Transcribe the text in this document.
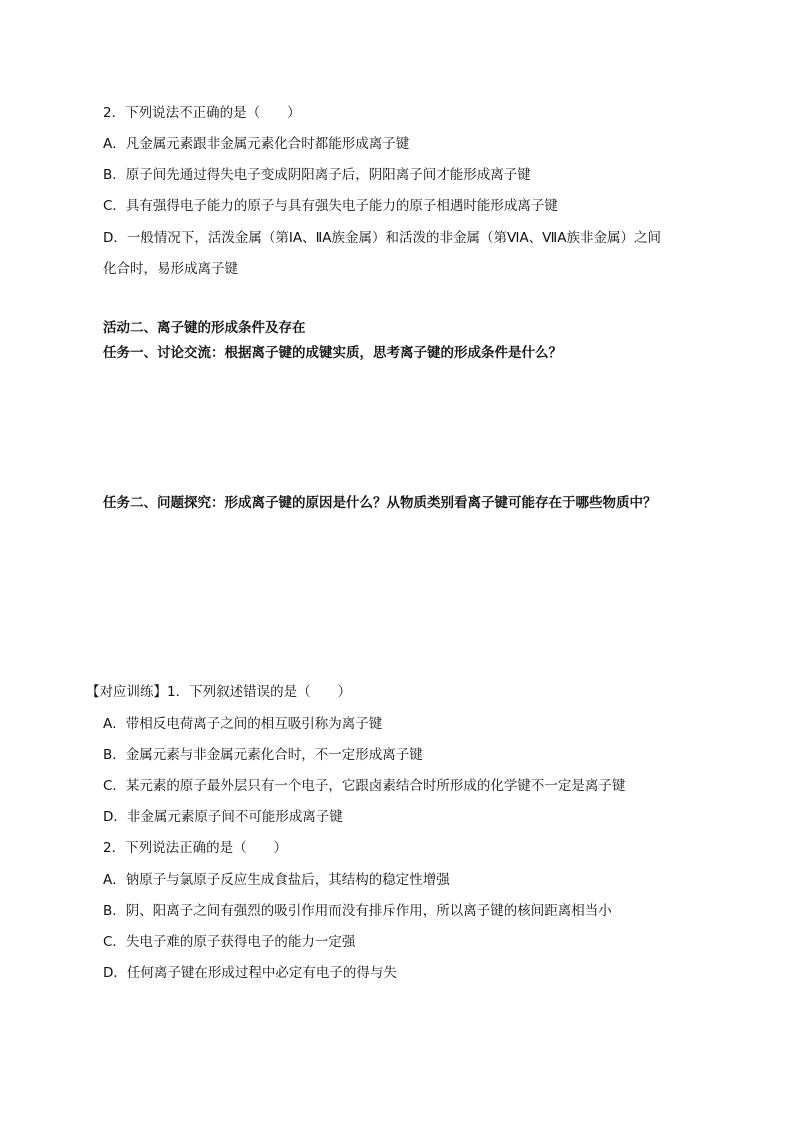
2．下列说法不正确的是（　　）
A．凡金属元素跟非金属元素化合时都能形成离子键
B．原子间先通过得失电子变成阴阳离子后，阴阳离子间才能形成离子键
C．具有强得电子能力的原子与具有强失电子能力的原子相遇时能形成离子键
D．一般情况下，活泼金属（第ⅠA、ⅡA族金属）和活泼的非金属（第ⅥA、ⅦA族非金属）之间
化合时，易形成离子键
活动二、离子键的形成条件及存在
任务一、讨论交流：根据离子键的成键实质，思考离子键的形成条件是什么？
任务二、问题探究：形成离子键的原因是什么？从物质类别看离子键可能存在于哪些物质中？
【对应训练】1．下列叙述错误的是（　　）
A．带相反电荷离子之间的相互吸引称为离子键
B．金属元素与非金属元素化合时，不一定形成离子键
C．某元素的原子最外层只有一个电子，它跟卤素结合时所形成的化学键不一定是离子键
D．非金属元素原子间不可能形成离子键
2．下列说法正确的是（　　）
A．钠原子与氯原子反应生成食盐后，其结构的稳定性增强
B．阴、阳离子之间有强烈的吸引作用而没有排斥作用，所以离子键的核间距离相当小
C．失电子难的原子获得电子的能力一定强
D．任何离子键在形成过程中必定有电子的得与失
